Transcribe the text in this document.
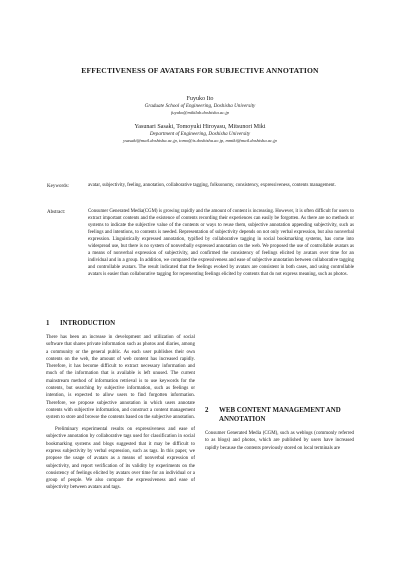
EFFECTIVENESS OF AVATARS FOR SUBJECTIVE ANNOTATION
Fuyuko Ito
Graduate School of Engineering, Doshisha University
fuyuko@mikilab.doshisha.ac.jp
Yasunari Sasaki, Tomoyuki Hiroyasu, Mitsunori Miki
Department of Engineering, Doshisha University
ysasaki@mail.doshisha.ac.jp, tomo@is.doshisha.ac.jp, mmiki@mail.doshisha.ac.jp
Keywords:	avatar, subjectivity, feeling, annotation, collaborative tagging, folksonomy, consistency, expressiveness, contents management.
Abstract:	Consumer Generated Media(CGM) is growing rapidly and the amount of content is increasing. However, it is often difficult for users to extract important contents and the existence of contents recording their experiences can easily be forgotten. As there are no methods or systems to indicate the subjective value of the contents or ways to reuse them, subjective annotation appending subjectivity, such as feelings and intentions, to contents is needed. Representation of subjectivity depends on not only verbal expression, but also nonverbal expression. Linguistically expressed annotation, typified by collaborative tagging in social bookmarking systems, has come into widespread use, but there is no system of nonverbally expressed annotation on the web. We proposed the use of controllable avatars as a means of nonverbal expression of subjectivity, and confirmed the consistency of feelings elicited by avatars over time for an individual and in a group. In addition, we compared the expressiveness and ease of subjective annotation between collaborative tagging and controllable avatars. The result indicated that the feelings evoked by avatars are consistent in both cases, and using controllable avatars is easier than collaborative tagging for representing feelings elicited by contents that do not express meaning, such as photos.
1	INTRODUCTION

There has been an increase in development and utilization of social software that shares private information such as photos and diaries, among a community or the general public. As each user publishes their own contents on the web, the amount of web content has increased rapidly. Therefore, it has become difficult to extract necessary information and much of the information that is available is left unused. The current mainstream method of information retrieval is to use keywords for the contents, but searching by subjective information, such as feelings or intention, is expected to allow users to find forgotten information. Therefore, we propose subjective annotation in which users annotate contents with subjective information, and construct a content management system to store and browse the contents based on the subjective annotation.

Preliminary experimental results on expressiveness and ease of subjective annotation by collaborative tags used for classification in social bookmarking systems and blogs suggested that it may be difficult to express subjectivity by verbal expression, such as tags. In this paper, we propose the usage of avatars as a means of nonverbal expression of subjectivity, and report verification of its validity by experiments on the consistency of feelings elicited by avatars over time for an individual or a group of people. We also compare the expressiveness and ease of subjectivity between avatars and tags.

2	WEB CONTENT MANAGEMENT AND ANNOTATION

Consumer Generated Media (CGM), such as weblogs (commonly referred to as blogs) and photos, which are published by users have increased rapidly because the contents previously stored on local terminals are
